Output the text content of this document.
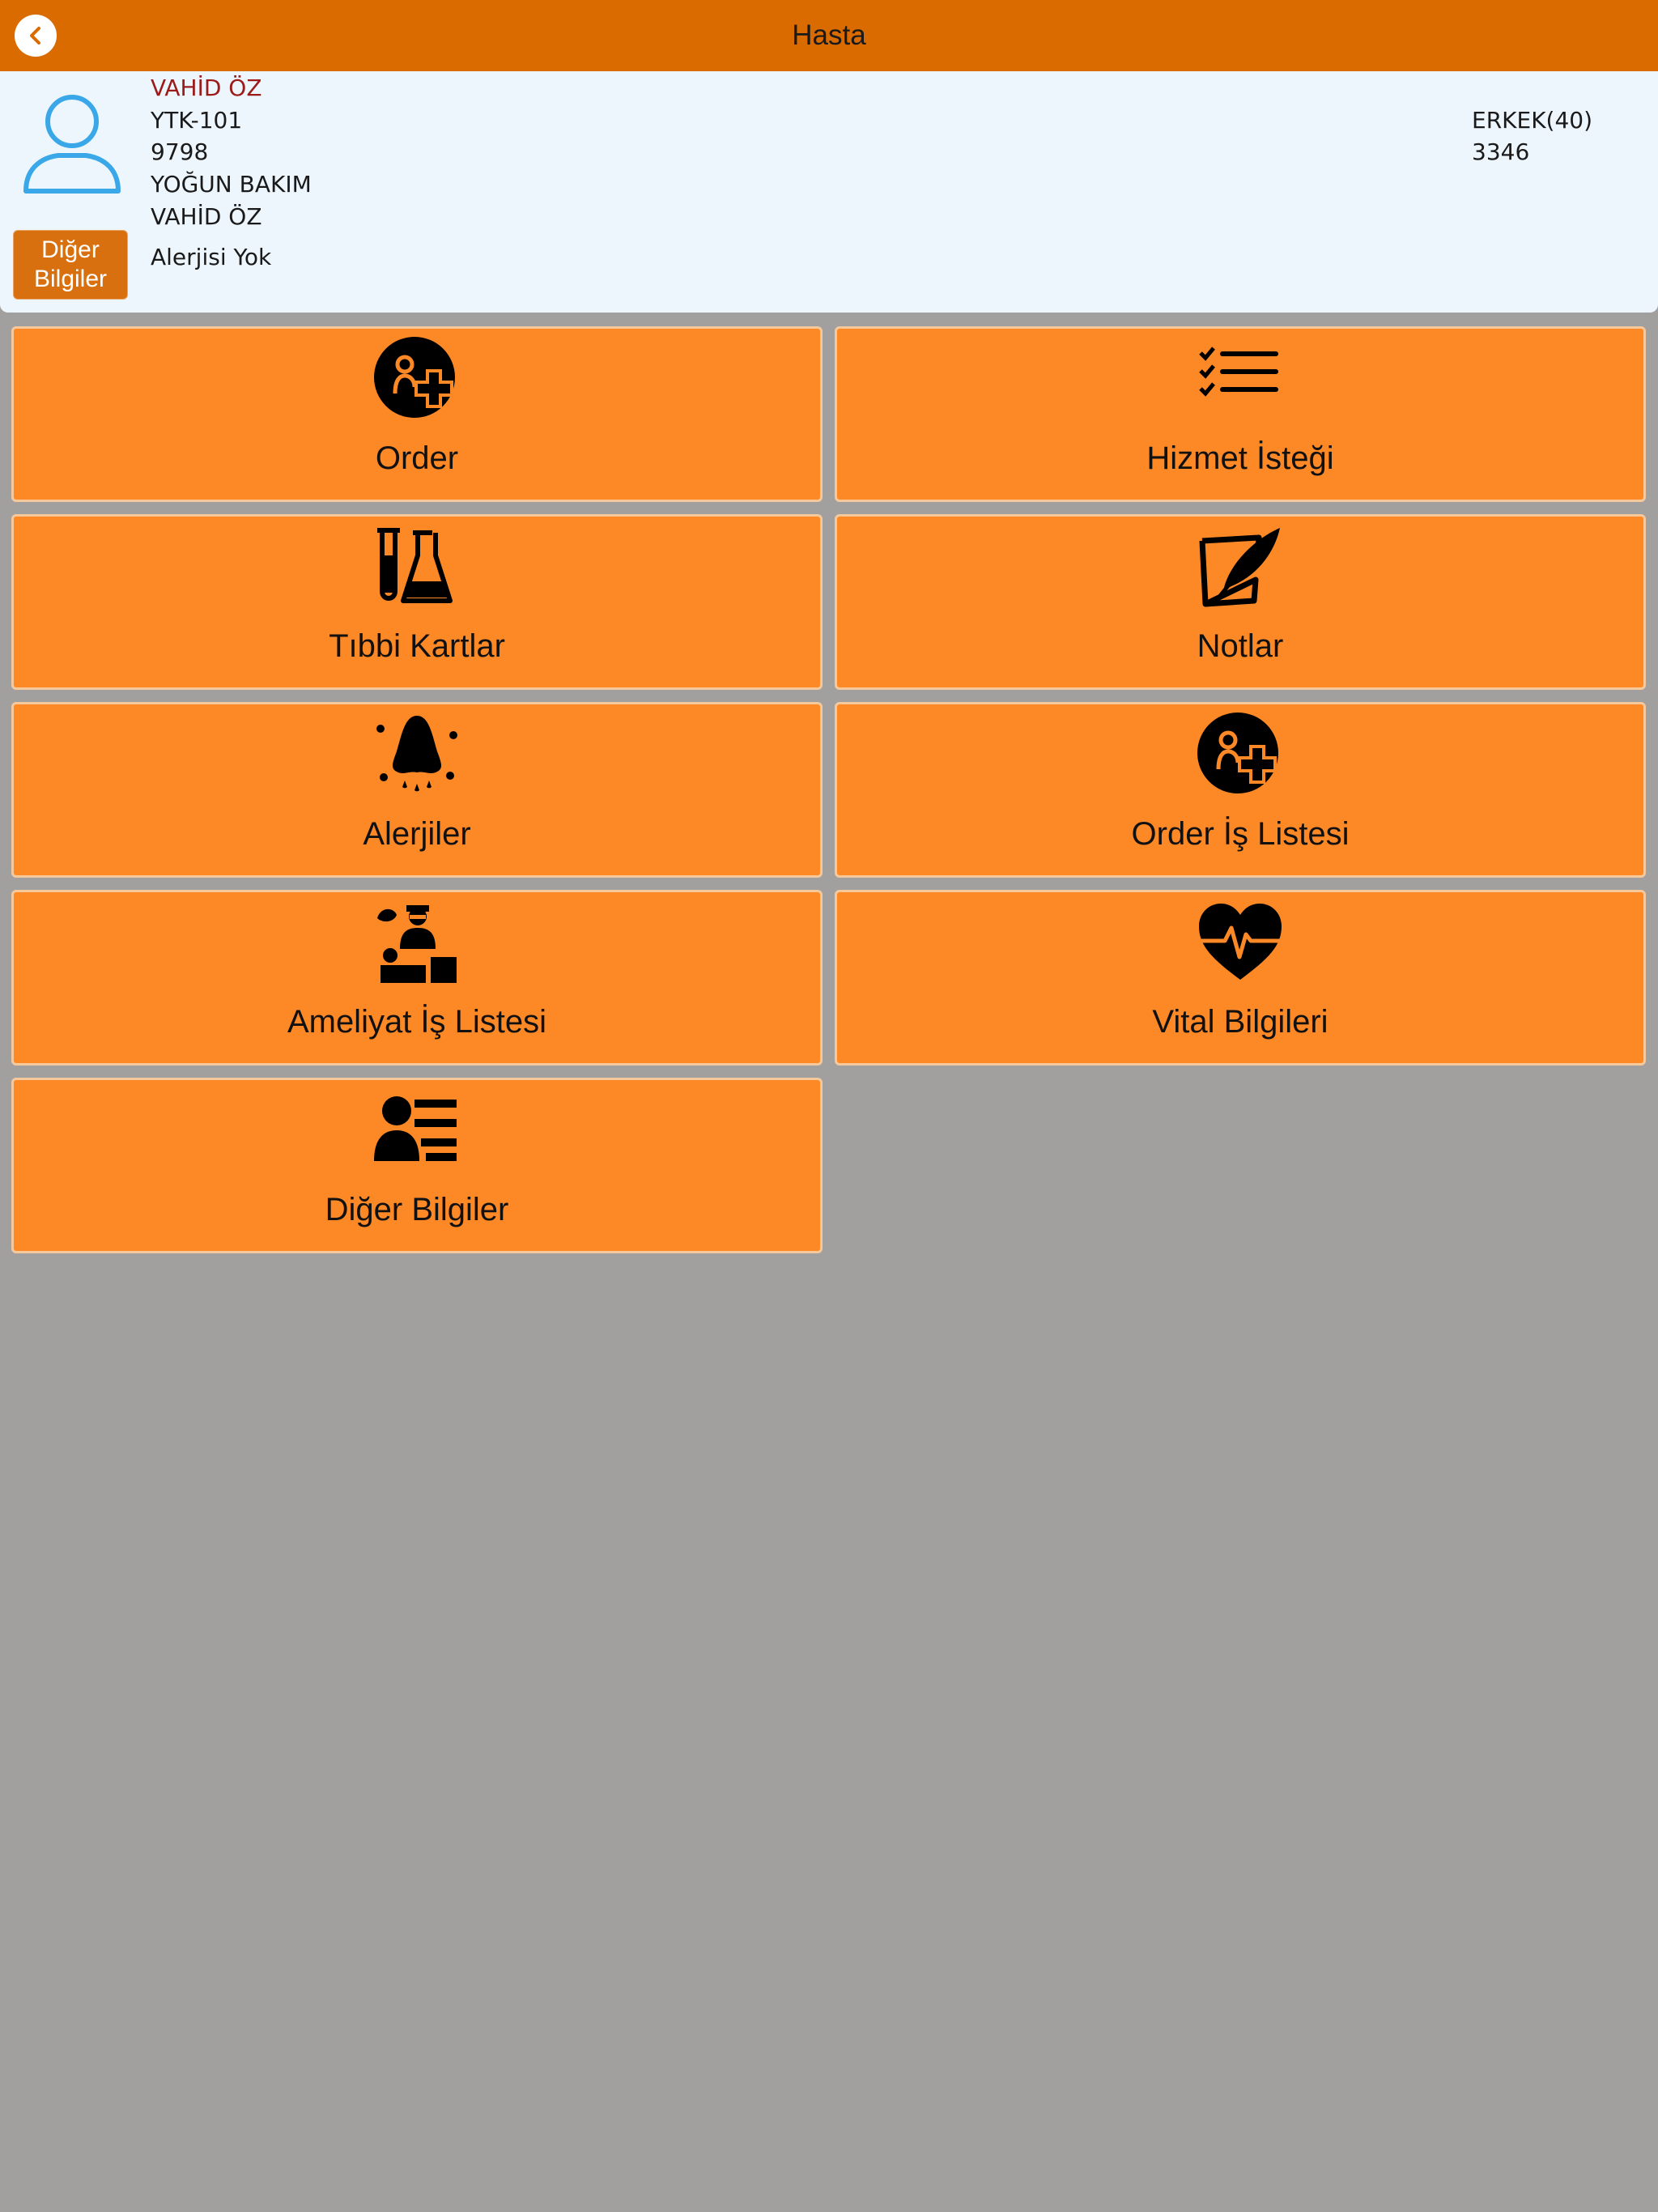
Hasta
VAHİD ÖZ
YTK-101
9798
YOĞUN BAKIM
VAHİD ÖZ
Alerjisi Yok
ERKEK(40)
3346
Diğer Bilgiler
Order	Hizmet İsteği
Tıbbi Kartlar	Notlar
Alerjiler	Order İş Listesi
Ameliyat İş Listesi	Vital Bilgileri
Diğer Bilgiler
